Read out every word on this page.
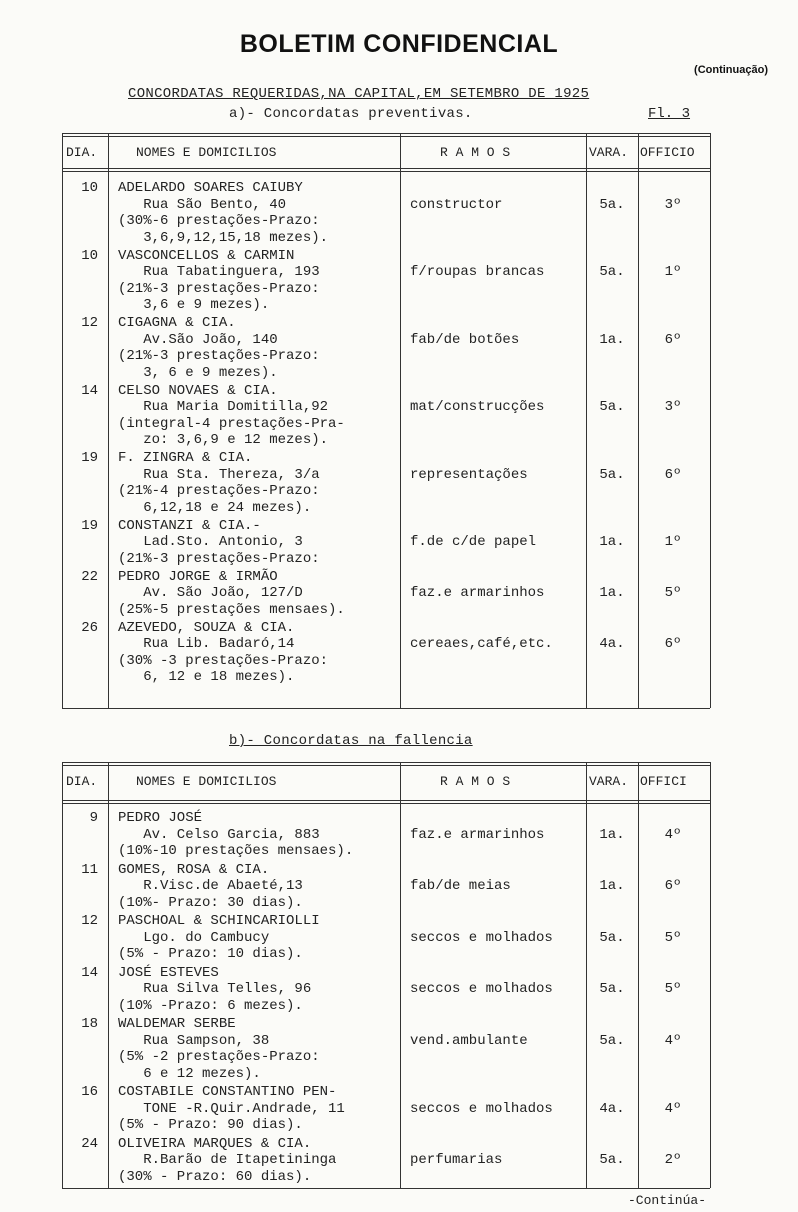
BOLETIM CONFIDENCIAL
(Continuação)
CONCORDATAS REQUERIDAS,NA CAPITAL,EM SETEMBRO DE 1925
a)- Concordatas preventivas.	Fl. 3
DIA.	NOMES E DOMICILIOS	R A M O S	VARA. OFFICIO
10 ADELARDO SOARES CAIUBY
Rua São Bento, 40
(30%-6 prestações-Prazo:
3,6,9,12,15,18 mezes).
constructor	5a.	3º
10 VASCONCELLOS & CARMIN
Rua Tabatinguera, 193
(21%-3 prestações-Prazo:
3,6 e 9 mezes).
f/roupas brancas	5a.	1º
12 CIGAGNA & CIA.
Av.São João, 140
(21%-3 prestações-Prazo:
3, 6 e 9 mezes).
fab/de botões	1a.	6º
14 CELSO NOVAES & CIA.
Rua Maria Domitilla,92
(integral-4 prestações-Pra-
zo: 3,6,9 e 12 mezes).
mat/construcções	5a.	3º
19 F. ZINGRA & CIA.
Rua Sta. Thereza, 3/a
(21%-4 prestações-Prazo:
6,12,18 e 24 mezes).
representações	5a.	6º
19 CONSTANZI & CIA.-
Lad.Sto. Antonio, 3
(21%-3 prestações-Prazo:
f.de c/de papel	1a.	1º
22 PEDRO JORGE & IRMÃO
Av. São João, 127/D
(25%-5 prestações mensaes).
faz.e armarinhos	1a.	5º
26 AZEVEDO, SOUZA & CIA.
Rua Lib. Badaró,14
(30% -3 prestações-Prazo:
6, 12 e 18 mezes).
cereaes,café,etc.	4a.	6º
b)- Concordatas na fallencia
DIA.	NOMES E DOMICILIOS	R A M O S	VARA. OFFICI
9 PEDRO JOSÉ
Av. Celso Garcia, 883
(10%-10 prestações mensaes).
faz.e armarinhos	1a.	4º
11 GOMES, ROSA & CIA.
R.Visc.de Abaeté,13
(10%- Prazo: 30 dias).
fab/de meias	1a.	6º
12 PASCHOAL & SCHINCARIOLLI
Lgo. do Cambucy
(5% - Prazo: 10 dias).
seccos e molhados	5a.	5º
14 JOSÉ ESTEVES
Rua Silva Telles, 96
(10% -Prazo: 6 mezes).
seccos e molhados	5a.	5º
18 WALDEMAR SERBE
Rua Sampson, 38
(5% -2 prestações-Prazo:
6 e 12 mezes).
vend.ambulante	5a.	4º
16 COSTABILE CONSTANTINO PEN-
TONE -R.Quir.Andrade, 11
(5% - Prazo: 90 dias).
seccos e molhados	4a.	4º
24 OLIVEIRA MARQUES & CIA.
R.Barão de Itapetininga
(30% - Prazo: 60 dias).
perfumarias	5a.	2º
-Continúa-
